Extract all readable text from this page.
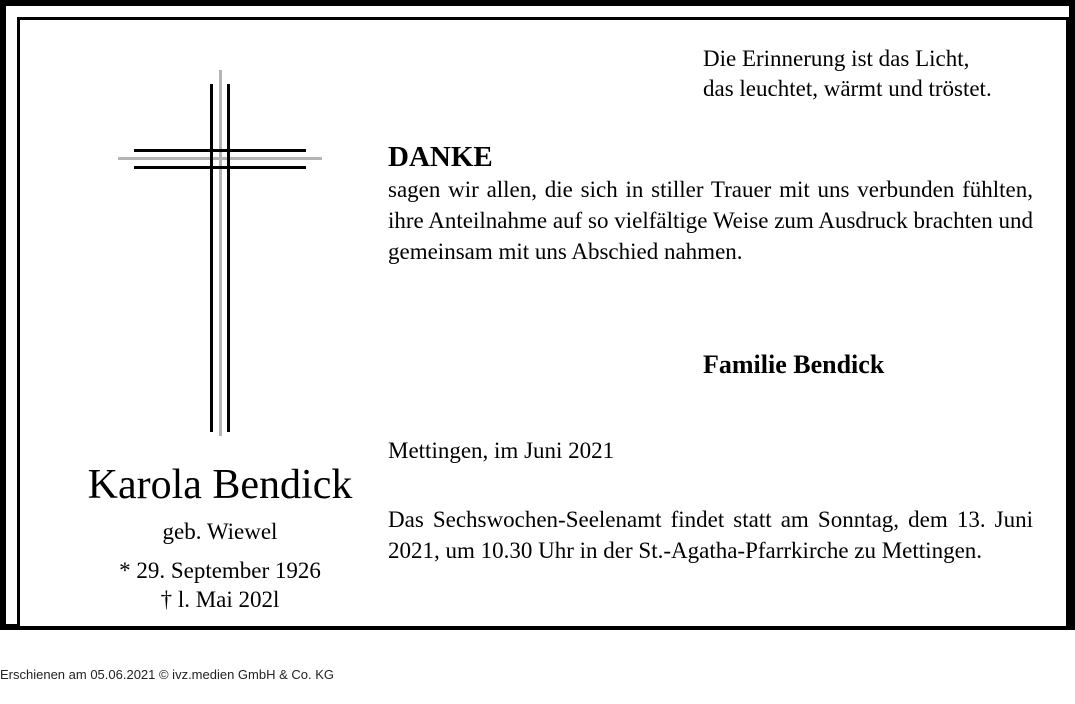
Karola Bendick
geb. Wiewel
* 29. September 1926
† l. Mai 202l
Die Erinnerung ist das Licht,
das leuchtet, wärmt und tröstet.
DANKE
sagen wir allen, die sich in stiller Trauer mit uns verbunden fühlten, ihre Anteilnahme auf so vielfältige Weise zum Ausdruck brachten und gemeinsam mit uns Abschied nahmen.
Familie Bendick
Mettingen, im Juni 2021
Das Sechswochen-Seelenamt findet statt am Sonntag, dem 13. Juni 2021, um 10.30 Uhr in der St.-Agatha-Pfarrkirche zu Mettingen.
Erschienen am 05.06.2021 © ivz.medien GmbH & Co. KG
